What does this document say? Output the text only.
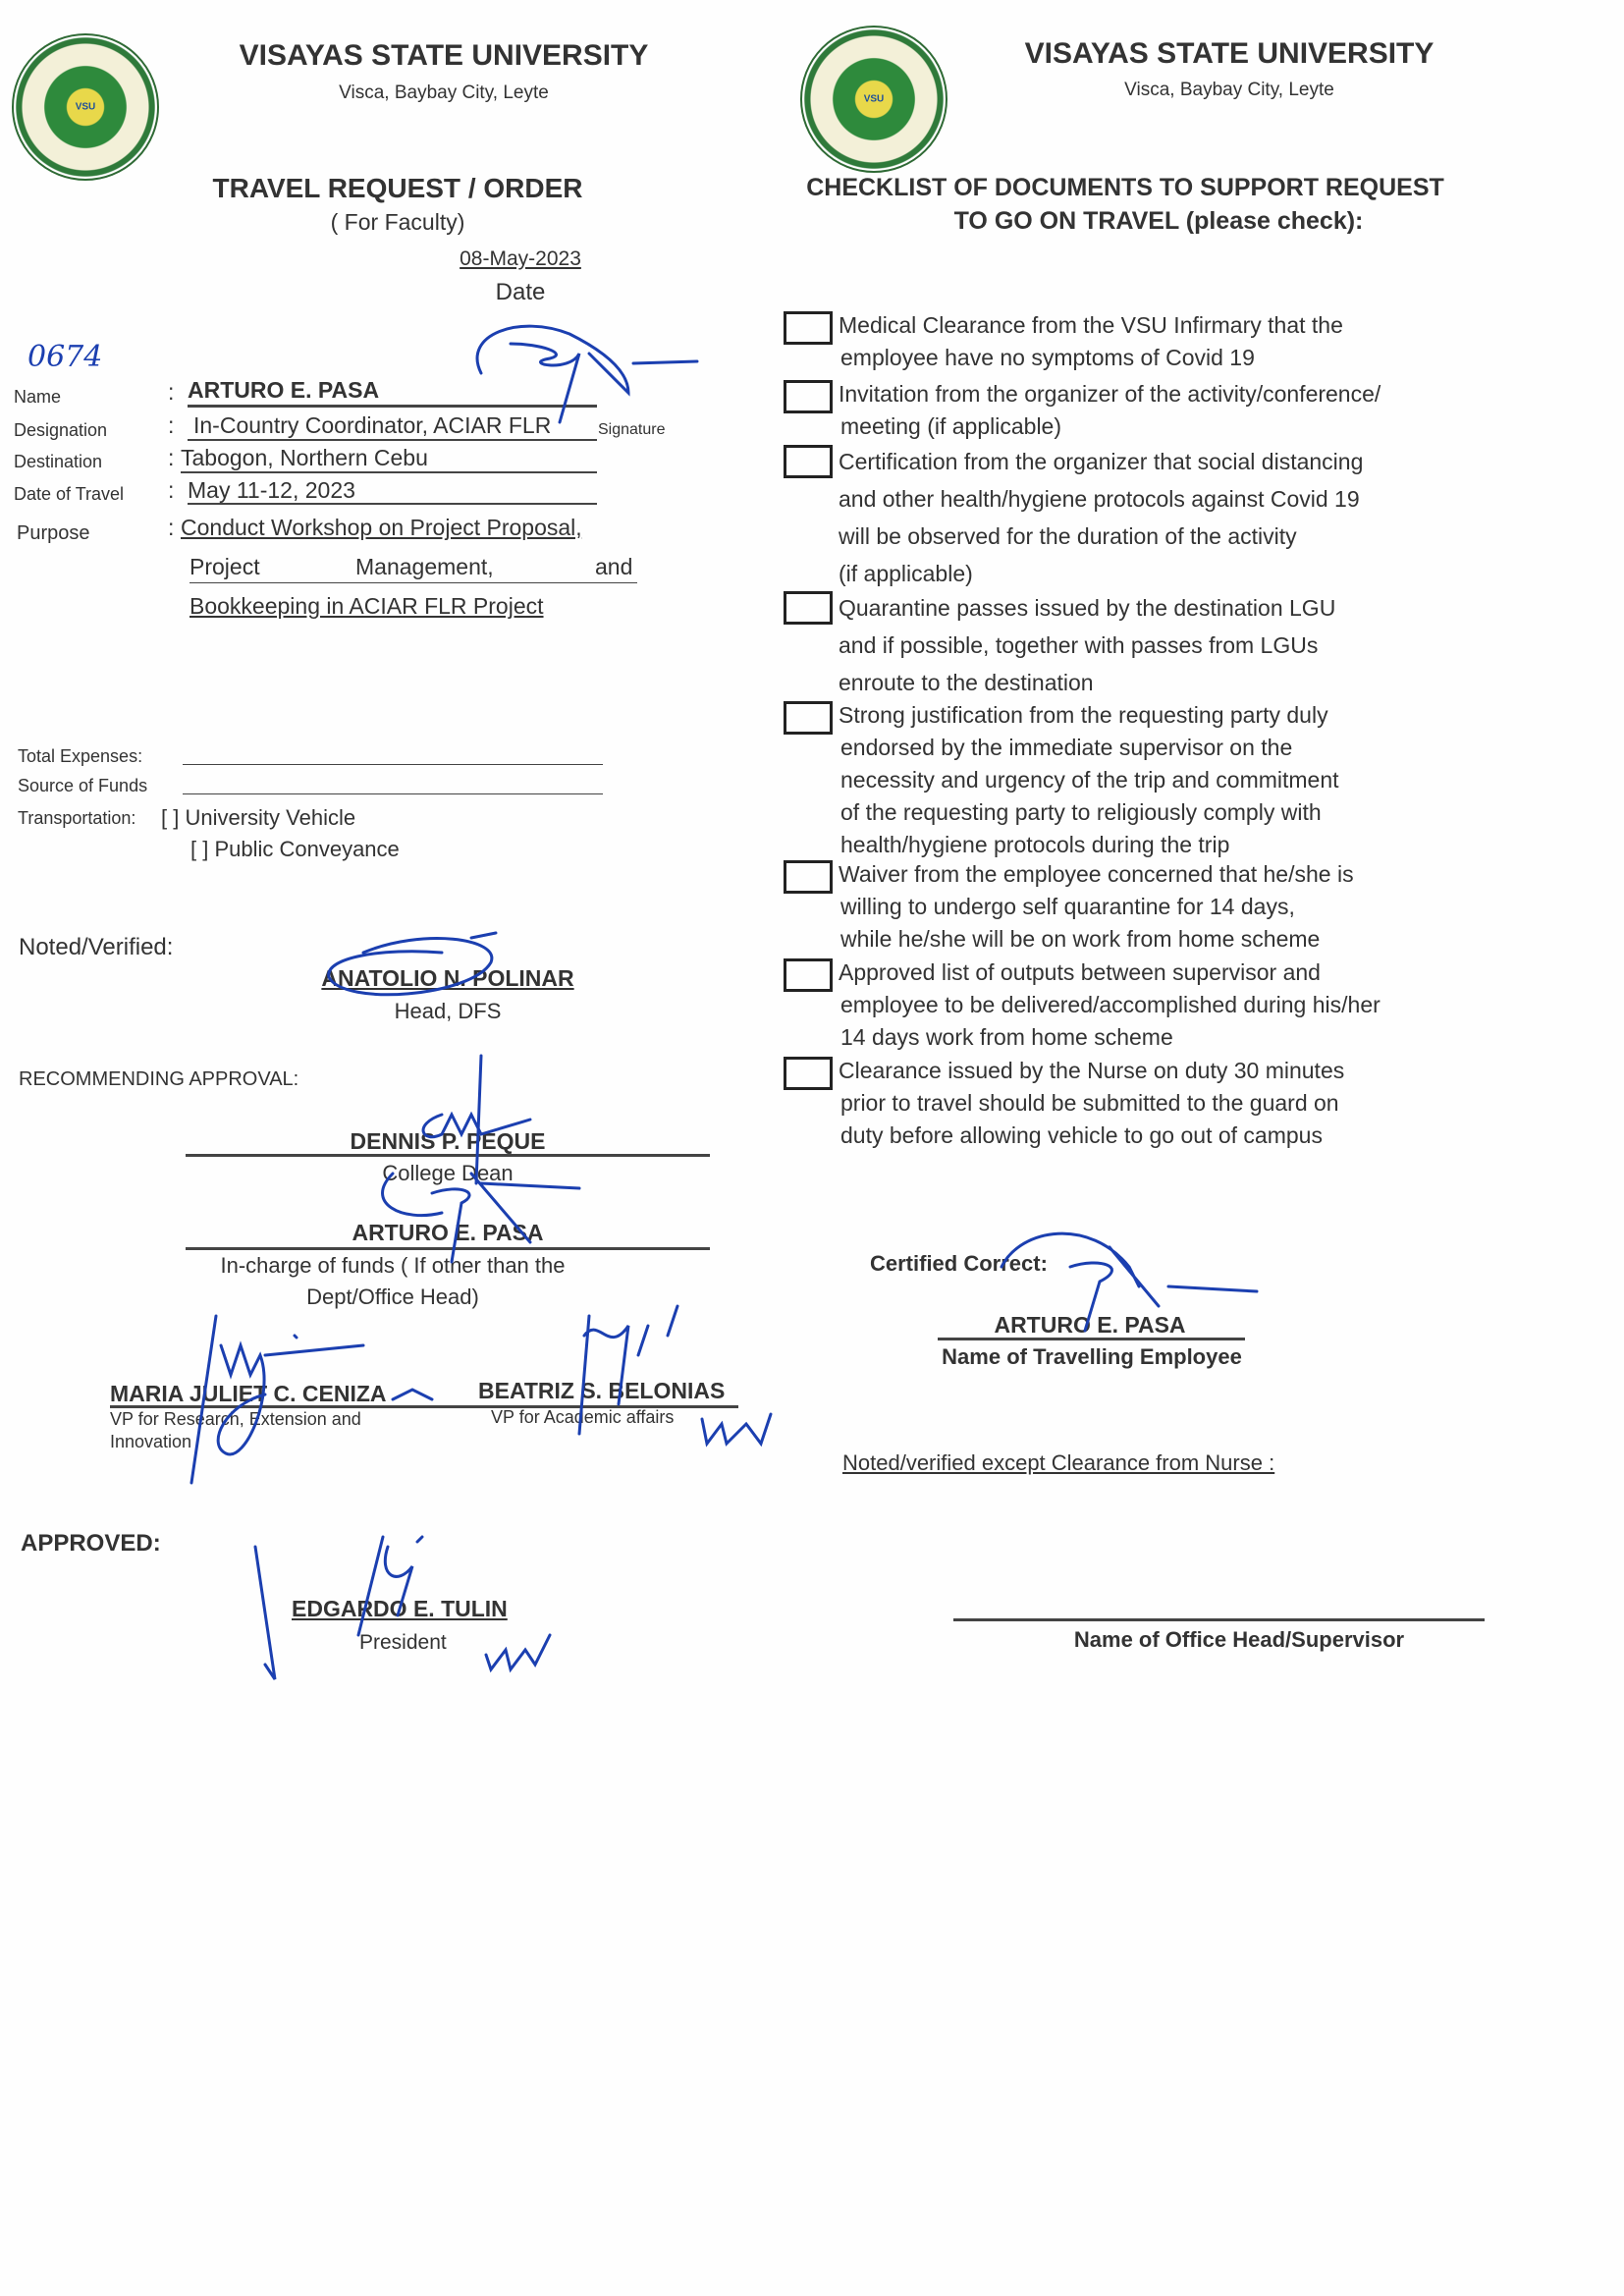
VSU
VISAYAS STATE UNIVERSITY
Visca, Baybay City, Leyte
TRAVEL REQUEST / ORDER
( For Faculty)
08-May-2023
Date
0674
Name	: ARTURO E. PASA
Designation	: In-Country Coordinator, ACIAR FLR	Signature
Destination	: Tabogon, Northern Cebu
Date of Travel : May 11-12, 2023
Purpose	: Conduct Workshop on Project Proposal,
Project	Management,	and
Bookkeeping in ACIAR FLR Project
Total Expenses:
Source of Funds
Transportation: [ ] University Vehicle
[ ] Public Conveyance
Noted/Verified:
ANATOLIO N. POLINAR
Head, DFS
RECOMMENDING APPROVAL:
DENNIS P. PEQUE
College Dean
ARTURO E. PASA
In-charge of funds ( If other than the
Dept/Office Head)
MARIA JULIET C. CENIZA	BEATRIZ S. BELONIAS
VP for Research, Extension and
Innovation
VP for Academic affairs
APPROVED:
EDGARDO E. TULIN
President
VSU
VISAYAS STATE UNIVERSITY
Visca, Baybay City, Leyte
CHECKLIST OF DOCUMENTS TO SUPPORT REQUEST
TO GO ON TRAVEL (please check):
Medical Clearance from the VSU Infirmary that the
employee have no symptoms of Covid 19
Invitation from the organizer of the activity/conference/
meeting (if applicable)
Certification from the organizer that social distancing
and other health/hygiene protocols against Covid 19
will be observed for the duration of the activity
(if applicable)
Quarantine passes issued by the destination LGU
and if possible, together with passes from LGUs
enroute to the destination
Strong justification from the requesting party duly
endorsed by the immediate supervisor on the
necessity and urgency of the trip and commitment
of the requesting party to religiously comply with
health/hygiene protocols during the trip
Waiver from the employee concerned that he/she is
willing to undergo self quarantine for 14 days,
while he/she will be on work from home scheme
Approved list of outputs between supervisor and
employee to be delivered/accomplished during his/her
14 days work from home scheme
Clearance issued by the Nurse on duty 30 minutes
prior to travel should be submitted to the guard on
duty before allowing vehicle to go out of campus
Certified Correct:
ARTURO E. PASA
Name of Travelling Employee
Noted/verified except Clearance from Nurse :
Name of Office Head/Supervisor
